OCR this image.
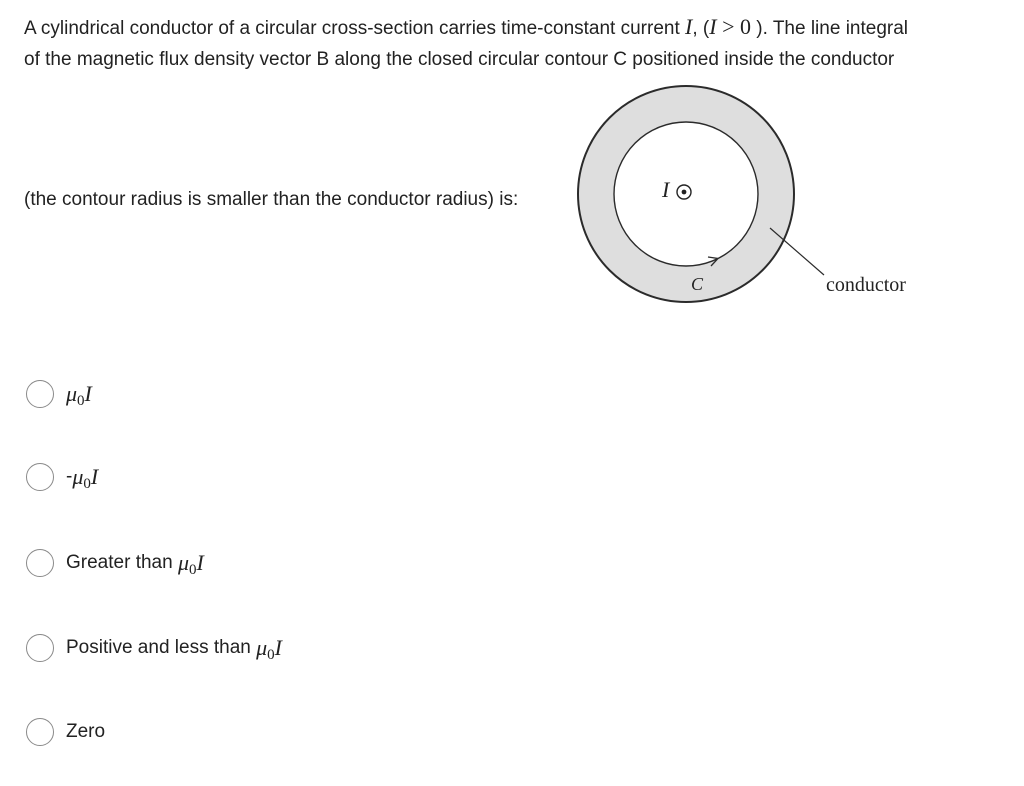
A cylindrical conductor of a circular cross-section carries time-constant current I, (I > 0 ). The line integral
of the magnetic flux density vector B along the closed circular contour C positioned inside the conductor
(the contour radius is smaller than the conductor radius) is:	I
C	conductor
μ0I
- μ0I
Greater than μ0I
Positive and less than μ0I
Zero
